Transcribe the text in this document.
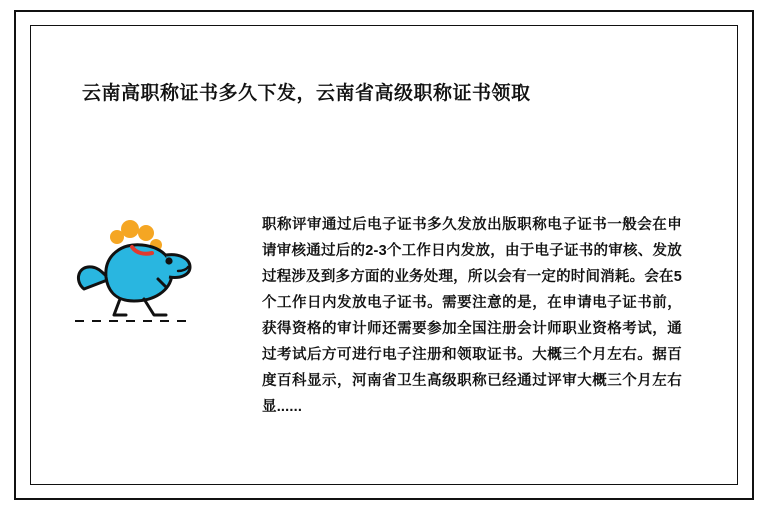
云南高职称证书多久下发，云南省高级职称证书领取
职称评审通过后电子证书多久发放出版职称电子证书一般会在申请审核通过后的2-3个工作日内发放，由于电子证书的审核、发放过程涉及到多方面的业务处理，所以会有一定的时间消耗。会在5个工作日内发放电子证书。需要注意的是，在申请电子证书前，获得资格的审计师还需要参加全国注册会计师职业资格考试，通过考试后方可进行电子注册和领取证书。大概三个月左右。据百度百科显示，河南省卫生高级职称已经通过评审大概三个月左右显......
